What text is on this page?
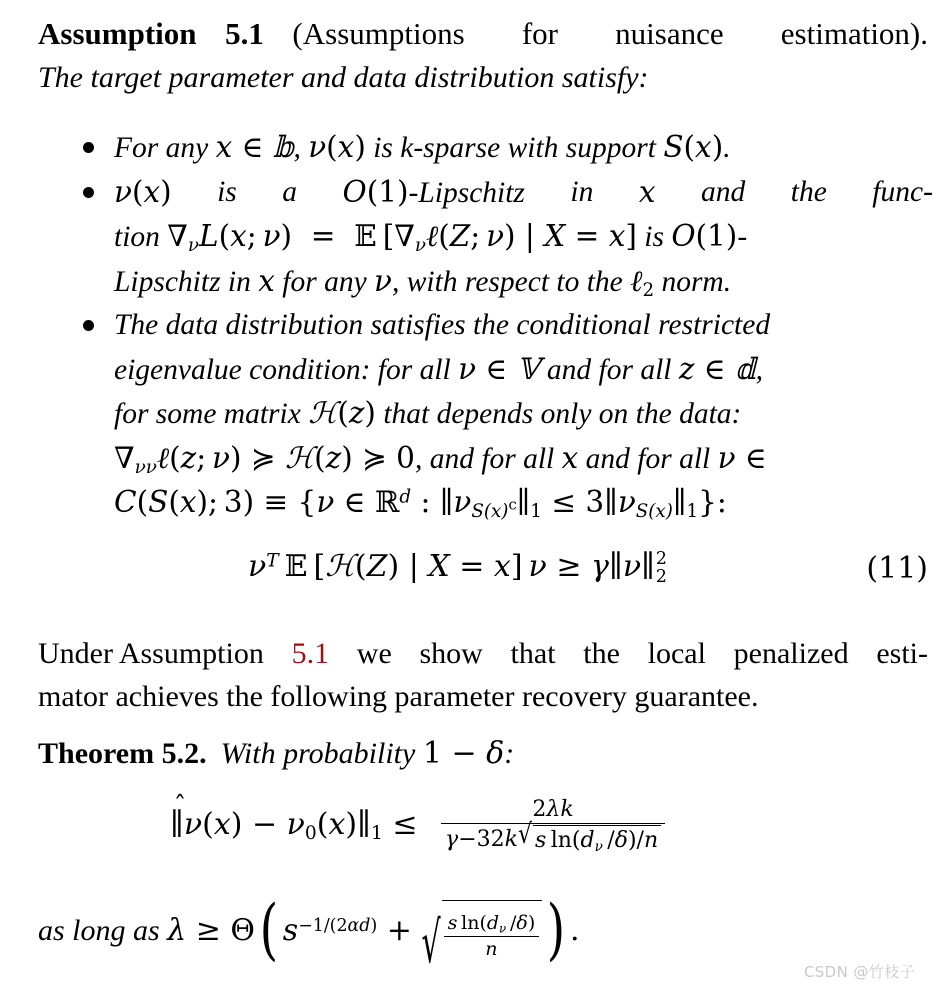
Assumption 5.1 (Assumptions  for  nuisance  estimation).
The target parameter and data distribution satisfy:
For any x ∈ 𝕓, ν(x) is k-sparse with support S(x).
ν(x) is a O(1)-Lipschitz in x and the func-
tion $\nabla_\nu L(x$; ν)  =  𝔼 [$\nabla_\nu\ell(Z$; ν) | X = x] is O(1)-
Lipschitz in x for any ν, with respect to the ℓ$_2$ norm.
The data distribution satisfies the conditional restricted
eigenvalue condition: for all ν ∈ 𝕍 and for all z ∈ 𝕕,
for some matrix ℋ(z) that depends only on the data:
$\nabla_{\nu\nu}\ell(z$; ν) ≽ ℋ(z) ≽ 0, and for all x and for all ν ∈
C(S(x); 3) ≡ {ν ∈ ℝ$^d$ : $\parallel\nu_{S(x)^c}\parallel_1$ ≤ $3\parallel\nu_{S(x)}\parallel_1$}:
$\nu^T$ 𝔼 [ℋ(Z) | X = x] ν ≥ γ∥ν∥ 2
2	(11)
Under Assumption 5.1 we show that the local penalized esti-
mator achieves the following parameter recovery guarantee.
Theorem 5.2. With probability 1 − δ:
∥ν
$(x) - \nu_0(x)\parallel_1 \le \frac{2\lambda k}{\gamma -32 k √ s \ln(d_\nu /\delta)/n}$
as long as λ ≥ Θ ( $s^{-1/(2\alpha d)}$ + √ $\frac{s \ln(d_\nu /\delta)}{n}$ ) .
CSDN @竹枝子
